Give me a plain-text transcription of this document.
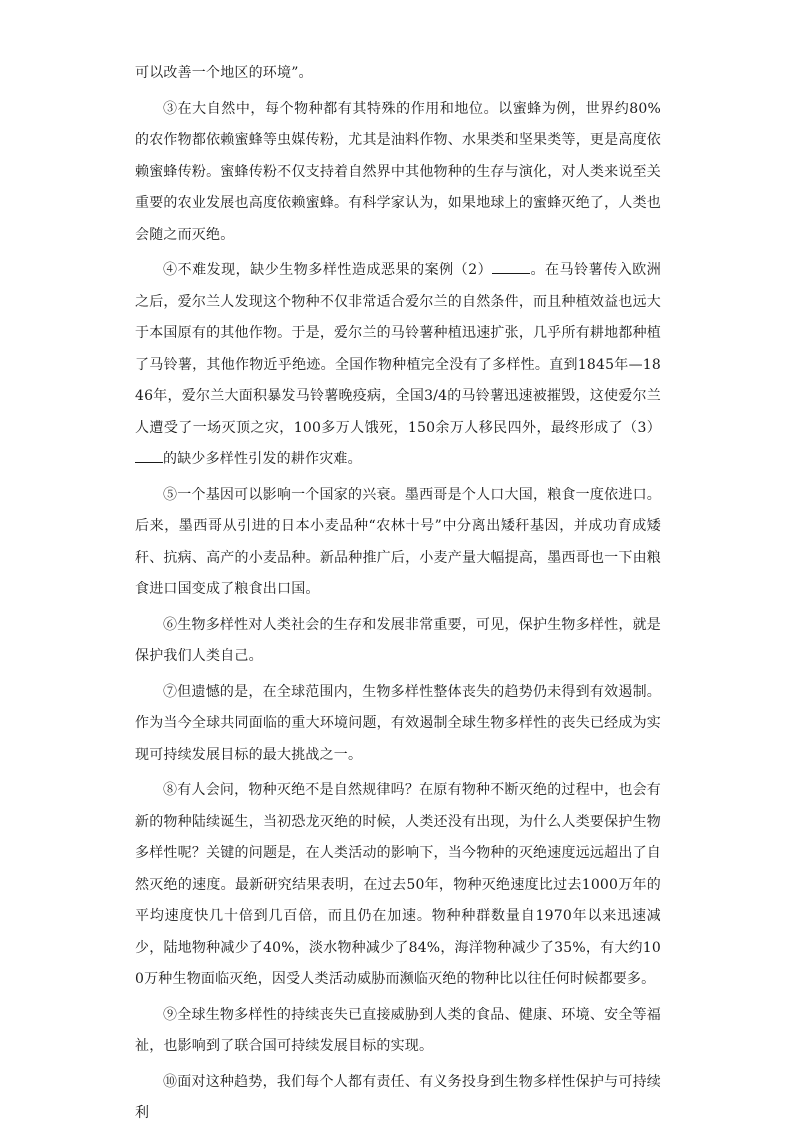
可以改善一个地区的环境”。

③在大自然中，每个物种都有其特殊的作用和地位。以蜜蜂为例，世界约80%的农作物都依赖蜜蜂等虫媒传粉，尤其是油料作物、水果类和坚果类等，更是高度依赖蜜蜂传粉。蜜蜂传粉不仅支持着自然界中其他物种的生存与演化，对人类来说至关重要的农业发展也高度依赖蜜蜂。有科学家认为，如果地球上的蜜蜂灭绝了，人类也会随之而灭绝。

④不难发现，缺少生物多样性造成恶果的案例（2）	。在马铃薯传入欧洲之后，爱尔兰人发现这个物种不仅非常适合爱尔兰的自然条件，而且种植效益也远大于本国原有的其他作物。于是，爱尔兰的马铃薯种植迅速扩张，几乎所有耕地都种植了马铃薯，其他作物近乎绝迹。全国作物种植完全没有了多样性。直到1845年—1846年，爱尔兰大面积暴发马铃薯晚疫病，全国3/4的马铃薯迅速被摧毁，这使爱尔兰人遭受了一场灭顶之灾，100多万人饿死，150余万人移民四外，最终形成了（3）的缺少多样性引发的耕作灾难。

⑤一个基因可以影响一个国家的兴衰。墨西哥是个人口大国，粮食一度依进口。后来，墨西哥从引进的日本小麦品种“农林十号”中分离出矮秆基因，并成功育成矮秆、抗病、高产的小麦品种。新品种推广后，小麦产量大幅提高，墨西哥也一下由粮食进口国变成了粮食出口国。

⑥生物多样性对人类社会的生存和发展非常重要，可见，保护生物多样性，就是保护我们人类自己。

⑦但遗憾的是，在全球范围内，生物多样性整体丧失的趋势仍未得到有效遏制。作为当今全球共同面临的重大环境问题，有效遏制全球生物多样性的丧失已经成为实现可持续发展目标的最大挑战之一。

⑧有人会问，物种灭绝不是自然规律吗？在原有物种不断灭绝的过程中，也会有新的物种陆续诞生，当初恐龙灭绝的时候，人类还没有出现，为什么人类要保护生物多样性呢？关键的问题是，在人类活动的影响下，当今物种的灭绝速度远远超出了自然灭绝的速度。最新研究结果表明，在过去50年，物种灭绝速度比过去1000万年的平均速度快几十倍到几百倍，而且仍在加速。物种种群数量自1970年以来迅速减少，陆地物种减少了40%，淡水物种减少了84%，海洋物种减少了35%，有大约100万种生物面临灭绝，因受人类活动威胁而濒临灭绝的物种比以往任何时候都要多。

⑨全球生物多样性的持续丧失已直接威胁到人类的食品、健康、环境、安全等福祉，也影响到了联合国可持续发展目标的实现。

⑩面对这种趋势，我们每个人都有责任、有义务投身到生物多样性保护与可持续利
